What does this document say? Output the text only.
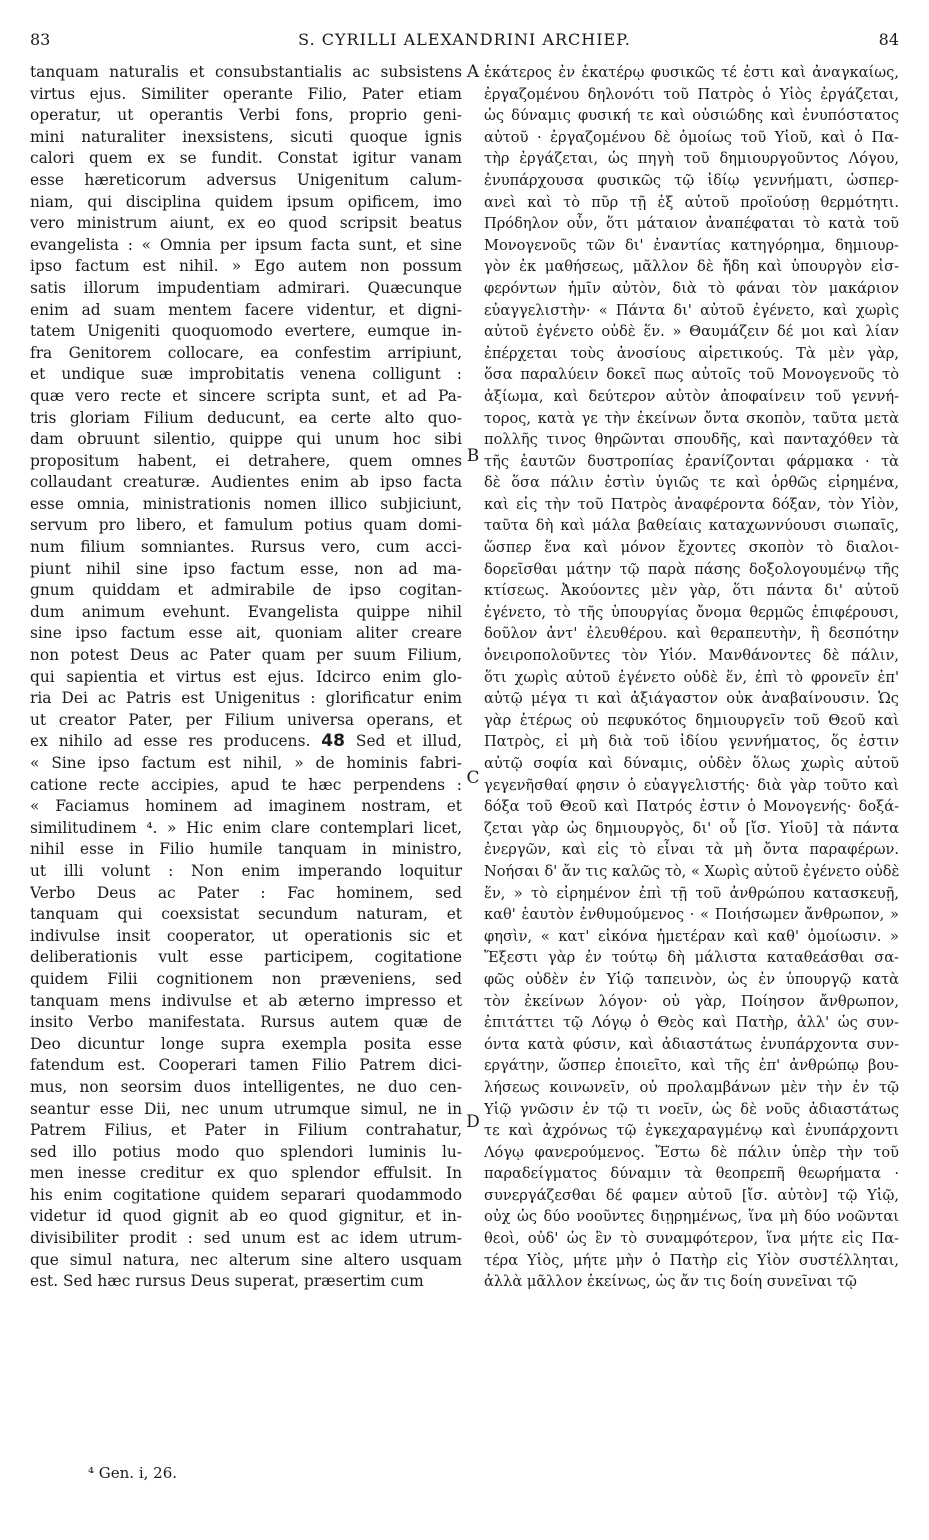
83	S. CYRILLI ALEXANDRINI ARCHIEP.	84
tanquam naturalis et consubstantialis ac subsistens
virtus ejus. Similiter operante Filio, Pater etiam
operatur, ut operantis Verbi fons, proprio geni-
mini naturaliter inexsistens, sicuti quoque ignis
calori quem ex se fundit. Constat igitur vanam
esse hæreticorum adversus Unigenitum calum-
niam, qui disciplina quidem ipsum opificem, imo
vero ministrum aiunt, ex eo quod scripsit beatus
evangelista : « Omnia per ipsum facta sunt, et sine
ipso factum est nihil. » Ego autem non possum
satis illorum impudentiam admirari. Quæcunque
enim ad suam mentem facere videntur, et digni-
tatem Unigeniti quoquomodo evertere, eumque in-
fra Genitorem collocare, ea confestim arripiunt,
et undique suæ improbitatis venena colligunt :
quæ vero recte et sincere scripta sunt, et ad Pa-
tris gloriam Filium deducunt, ea certe alto quo-
dam obruunt silentio, quippe qui unum hoc sibi
propositum habent, ei detrahere, quem omnes
collaudant creaturæ. Audientes enim ab ipso facta
esse omnia, ministrationis nomen illico subjiciunt,
servum pro libero, et famulum potius quam domi-
num filium somniantes. Rursus vero, cum acci-
piunt nihil sine ipso factum esse, non ad ma-
gnum quiddam et admirabile de ipso cogitan-
dum animum evehunt. Evangelista quippe nihil
sine ipso factum esse ait, quoniam aliter creare
non potest Deus ac Pater quam per suum Filium,
qui sapientia et virtus est ejus. Idcirco enim glo-
ria Dei ac Patris est Unigenitus : glorificatur enim
ut creator Pater, per Filium universa operans, et
ex nihilo ad esse res producens. 48 Sed et illud,
« Sine ipso factum est nihil, » de hominis fabri-
catione recte accipies, apud te hæc perpendens :
« Faciamus hominem ad imaginem nostram, et
similitudinem ⁴. » Hic enim clare contemplari licet,
nihil esse in Filio humile tanquam in ministro,
ut illi volunt : Non enim imperando loquitur
Verbo Deus ac Pater : Fac hominem, sed
tanquam qui coexsistat secundum naturam, et
indivulse insit cooperator, ut operationis sic et
deliberationis vult esse participem, cogitatione
quidem Filii cognitionem non præveniens, sed
tanquam mens indivulse et ab æterno impresso et
insito Verbo manifestata. Rursus autem quæ de
Deo dicuntur longe supra exempla posita esse
fatendum est. Cooperari tamen Filio Patrem dici-
mus, non seorsim duos intelligentes, ne duo cen-
seantur esse Dii, nec unum utrumque simul, ne in
Patrem Filius, et Pater in Filium contrahatur,
sed illo potius modo quo splendori luminis lu-
men inesse creditur ex quo splendor effulsit. In
his enim cogitatione quidem separari quodammodo
videtur id quod gignit ab eo quod gignitur, et in-
divisibiliter prodit : sed unum est ac idem utrum-
que simul natura, nec alterum sine altero usquam
est. Sed hæc rursus Deus superat, præsertim cum
ἑκάτερος ἐν ἑκατέρῳ φυσικῶς τέ ἐστι καὶ ἀναγκαίως,
ἐργαζομένου δηλονότι τοῦ Πατρὸς ὁ Υἱὸς ἐργάζεται,
ὡς δύναμις φυσική τε καὶ οὐσιώδης καὶ ἐνυπόστατος
αὐτοῦ · ἐργαζομένου δὲ ὁμοίως τοῦ Υἱοῦ, καὶ ὁ Πα-
τὴρ ἐργάζεται, ὡς πηγὴ τοῦ δημιουργοῦντος Λόγου,
ἐνυπάρχουσα φυσικῶς τῷ ἰδίῳ γεννήματι, ὡσπερ-
ανεὶ καὶ τὸ πῦρ τῇ ἐξ αὐτοῦ προϊούσῃ θερμότητι.
Πρόδηλον οὖν, ὅτι μάταιον ἀναπέφαται τὸ κατὰ τοῦ
Μονογενοῦς τῶν δι' ἐναντίας κατηγόρημα, δημιουρ-
γὸν ἐκ μαθήσεως, μᾶλλον δὲ ἤδη καὶ ὑπουργὸν εἰσ-
φερόντων ἡμῖν αὐτὸν, διὰ τὸ φάναι τὸν μακάριον
εὐαγγελιστὴν· « Πάντα δι' αὐτοῦ ἐγένετο, καὶ χωρὶς
αὐτοῦ ἐγένετο οὐδὲ ἕν. » Θαυμάζειν δέ μοι καὶ λίαν
ἐπέρχεται τοὺς ἀνοσίους αἱρετικούς. Τὰ μὲν γὰρ,
ὅσα παραλύειν δοκεῖ πως αὐτοῖς τοῦ Μονογενοῦς τὸ
ἀξίωμα, καὶ δεύτερον αὐτὸν ἀποφαίνειν τοῦ γεννή-
τορος, κατὰ γε τὴν ἐκείνων ὄντα σκοπὸν, ταῦτα μετὰ
πολλῆς τινος θηρῶνται σπουδῆς, καὶ πανταχόθεν τὰ
τῆς ἑαυτῶν δυστροπίας ἐρανίζονται φάρμακα · τὰ
δὲ ὅσα πάλιν ἐστὶν ὑγιῶς τε καὶ ὀρθῶς εἰρημένα,
καὶ εἰς τὴν τοῦ Πατρὸς ἀναφέροντα δόξαν, τὸν Υἱὸν,
ταῦτα δὴ καὶ μάλα βαθείαις καταχωννύουσι σιωπαῖς,
ὥσπερ ἕνα καὶ μόνον ἔχοντες σκοπὸν τὸ διαλοι-
δορεῖσθαι μάτην τῷ παρὰ πάσης δοξολογουμένῳ τῆς
κτίσεως. Ἀκούοντες μὲν γὰρ, ὅτι πάντα δι' αὐτοῦ
ἐγένετο, τὸ τῆς ὑπουργίας ὄνομα θερμῶς ἐπιφέρουσι,
δοῦλον ἀντ' ἐλευθέρου. καὶ θεραπευτὴν, ἢ δεσπότην
ὀνειροπολοῦντες τὸν Υἱόν. Μανθάνοντες δὲ πάλιν,
ὅτι χωρὶς αὐτοῦ ἐγένετο οὐδὲ ἕν, ἐπὶ τὸ φρονεῖν ἐπ'
αὐτῷ μέγα τι καὶ ἀξιάγαστον οὐκ ἀναβαίνουσιν. Ὡς
γὰρ ἑτέρως οὐ πεφυκότος δημιουργεῖν τοῦ Θεοῦ καὶ
Πατρὸς, εἰ μὴ διὰ τοῦ ἰδίου γεννήματος, ὅς ἐστιν
αὐτῷ σοφία καὶ δύναμις, οὐδὲν ὅλως χωρὶς αὐτοῦ
γεγενῆσθαί φησιν ὁ εὐαγγελιστής· διὰ γὰρ τοῦτο καὶ
δόξα τοῦ Θεοῦ καὶ Πατρός ἐστιν ὁ Μονογενής· δοξά-
ζεται γὰρ ὡς δημιουργὸς, δι' οὗ [ἴσ. Υἱοῦ] τὰ πάντα
ἐνεργῶν, καὶ εἰς τὸ εἶναι τὰ μὴ ὄντα παραφέρων.
Νοήσαι δ' ἄν τις καλῶς τὸ, « Χωρὶς αὐτοῦ ἐγένετο οὐδὲ
ἕν, » τὸ εἰρημένον ἐπὶ τῇ τοῦ ἀνθρώπου κατασκευῇ,
καθ' ἑαυτὸν ἐνθυμούμενος · « Ποιήσωμεν ἄνθρωπον, »
φησὶν, « κατ' εἰκόνα ἡμετέραν καὶ καθ' ὁμοίωσιν. »
Ἔξεστι γὰρ ἐν τούτῳ δὴ μάλιστα καταθεάσθαι σα-
φῶς οὐδὲν ἐν Υἱῷ ταπεινὸν, ὡς ἐν ὑπουργῷ κατὰ
τὸν ἐκείνων λόγον· οὐ γὰρ, Ποίησον ἄνθρωπον,
ἐπιτάττει τῷ Λόγῳ ὁ Θεὸς καὶ Πατὴρ, ἀλλ' ὡς συν-
όντα κατὰ φύσιν, καὶ ἀδιαστάτως ἐνυπάρχοντα συν-
εργάτην, ὥσπερ ἐποιεῖτο, καὶ τῆς ἐπ' ἀνθρώπῳ βου-
λήσεως κοινωνεῖν, οὐ προλαμβάνων μὲν τὴν ἐν τῷ
Υἱῷ γνῶσιν ἐν τῷ τι νοεῖν, ὡς δὲ νοῦς ἀδιαστάτως
τε καὶ ἀχρόνως τῷ ἐγκεχαραγμένῳ καὶ ἐνυπάρχοντι
Λόγῳ φανερούμενος. Ἔστω δὲ πάλιν ὑπὲρ τὴν τοῦ
παραδείγματος δύναμιν τὰ θεοπρεπῆ θεωρήματα ·
συνεργάζεσθαι δέ φαμεν αὐτοῦ [ἴσ. αὐτὸν] τῷ Υἱῷ,
οὐχ ὡς δύο νοοῦντες διῃρημένως, ἵνα μὴ δύο νοῶνται
θεοὶ, οὐδ' ὡς ἓν τὸ συναμφότερον, ἵνα μήτε εἰς Πα-
τέρα Υἱὸς, μήτε μὴν ὁ Πατὴρ εἰς Υἱὸν συστέλληται,
ἀλλὰ μᾶλλον ἐκείνως, ὡς ἄν τις δοίη συνεῖναι τῷ
A
B
C
D
⁴ Gen. i, 26.
